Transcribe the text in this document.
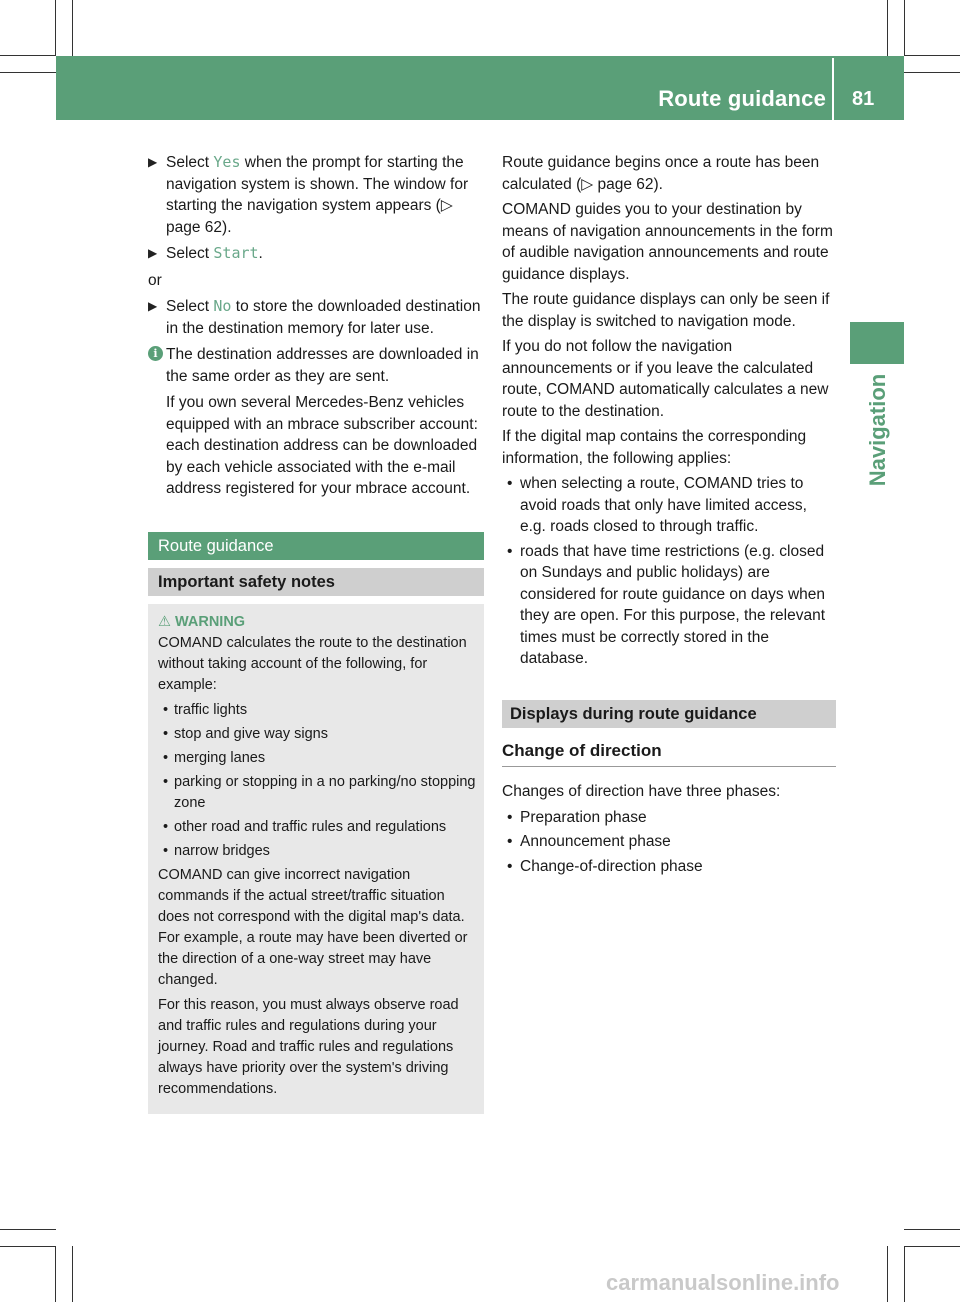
Route guidance 81
Navigation
▶ Select Yes when the prompt for starting the navigation system is shown. The window for starting the navigation system appears (▷ page 62).
▶ Select Start.

or

▶ Select No to store the downloaded destination in the destination memory for later use.
i The destination addresses are downloaded in the same order as they are sent.

If you own several Mercedes-Benz vehicles equipped with an mbrace subscriber account: each destination address can be downloaded by each vehicle associated with the e-mail address registered for your mbrace account.

Route guidance
Important safety notes
⚠ WARNING

COMAND calculates the route to the destination without taking account of the following, for example:

• traffic lights
• stop and give way signs
• merging lanes
• parking or stopping in a no parking/no stopping zone
• other road and traffic rules and regulations
• narrow bridges

COMAND can give incorrect navigation commands if the actual street/traffic situation does not correspond with the digital map's data. For example, a route may have been diverted or the direction of a one-way street may have changed.

For this reason, you must always observe road and traffic rules and regulations during your journey. Road and traffic rules and regulations always have priority over the system's driving recommendations.

Route guidance begins once a route has been calculated (▷ page 62).

COMAND guides you to your destination by means of navigation announcements in the form of audible navigation announcements and route guidance displays.

The route guidance displays can only be seen if the display is switched to navigation mode.

If you do not follow the navigation announcements or if you leave the calculated route, COMAND automatically calculates a new route to the destination.

If the digital map contains the corresponding information, the following applies:

• when selecting a route, COMAND tries to avoid roads that only have limited access, e.g. roads closed to through traffic.
• roads that have time restrictions (e.g. closed on Sundays and public holidays) are considered for route guidance on days when they are open. For this purpose, the relevant times must be correctly stored in the database.
Displays during route guidance
Change of direction

Changes of direction have three phases:

• Preparation phase
• Announcement phase
• Change-of-direction phase
carmanualsonline.info
